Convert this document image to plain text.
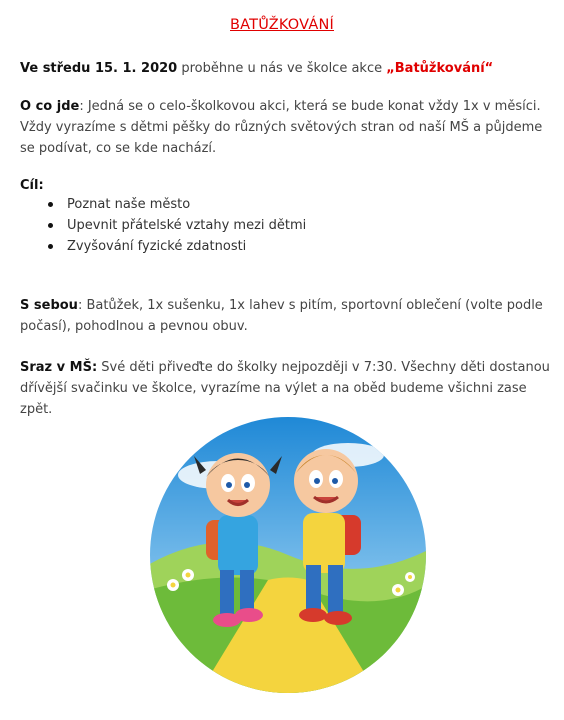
BATŮŽKOVÁNÍ
Ve středu 15. 1. 2020 proběhne u nás ve školce akce „Batůžkování“
O co jde: Jedná se o celo-školkovou akci, která se bude konat vždy 1x v měsíci. Vždy vyrazíme s dětmi pěšky do různých světových stran od naší MŠ a půjdeme se podívat, co se kde nachází.
Cíl:
Poznat naše město
Upevnit přátelské vztahy mezi dětmi
Zvyšování fyzické zdatnosti
S sebou: Batůžek, 1x sušenku, 1x lahev s pitím, sportovní oblečení (volte podle počasí), pohodlnou a pevnou obuv.
Sraz v MŠ: Své děti přiveďte do školky nejpozději v 7:30. Všechny děti dostanou dřívější svačinku ve školce, vyrazíme na výlet a na oběd budeme všichni zase zpět.
